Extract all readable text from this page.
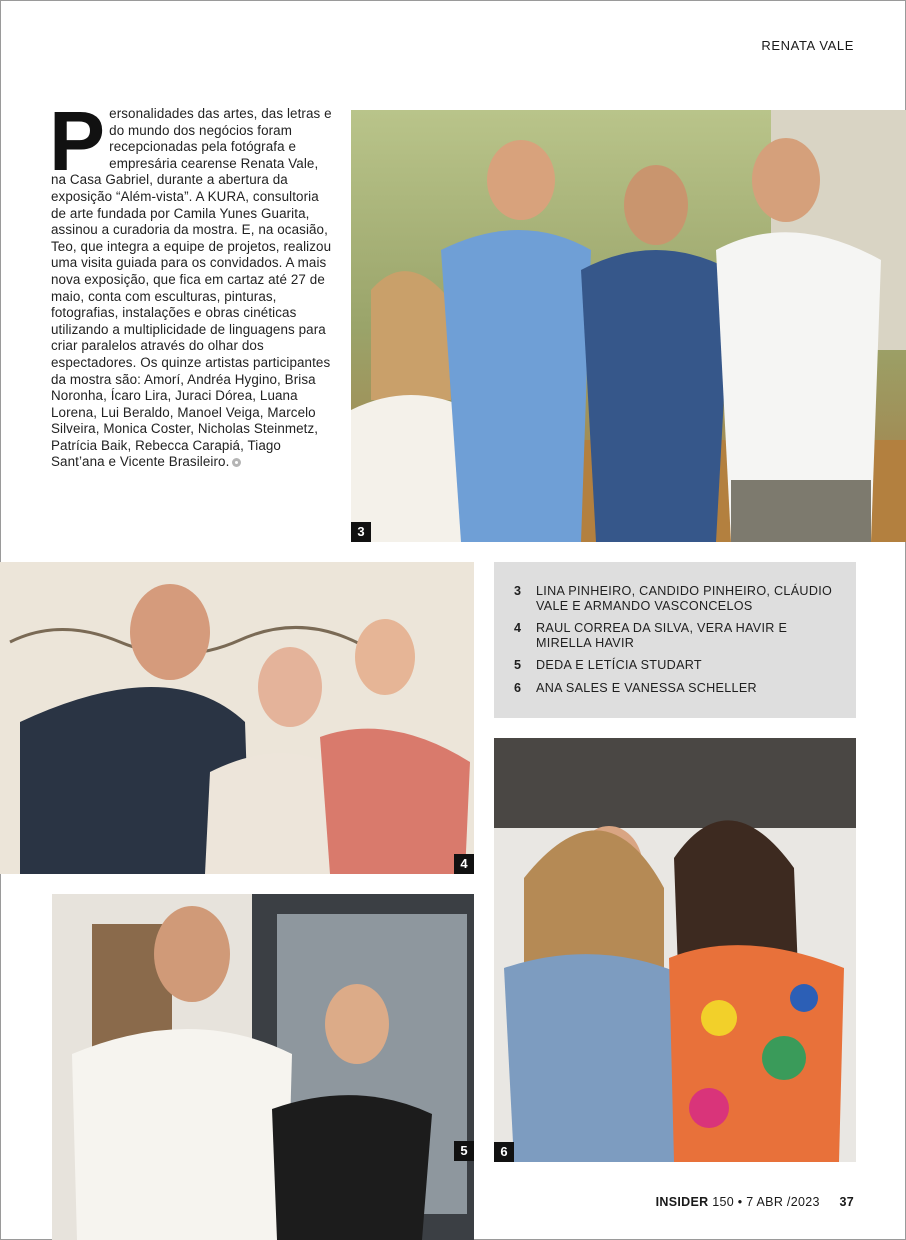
RENATA VALE
Personalidades das artes, das letras e do mundo dos negócios foram recepcionadas pela fotógrafa e empresária cearense Renata Vale, na Casa Gabriel, durante a abertura da exposição “Além-vista”. A KURA, consultoria de arte fundada por Camila Yunes Guarita, assinou a curadoria da mostra. E, na ocasião, Teo, que integra a equipe de projetos, realizou uma visita guiada para os convidados. A mais nova exposição, que fica em cartaz até 27 de maio, conta com esculturas, pinturas, fotografias, instalações e obras cinéticas utilizando a multiplicidade de linguagens para criar paralelos através do olhar dos espectadores. Os quinze artistas participantes da mostra são: Amorí, Andréa Hygino, Brisa Noronha, Ícaro Lira, Juraci Dórea, Luana Lorena, Lui Beraldo, Manoel Veiga, Marcelo Silveira, Monica Coster, Nicholas Steinmetz, Patrícia Baik, Rebecca Carapiá, Tiago Sant’ana e Vicente Brasileiro.
3
4
5
3	LINA PINHEIRO, CANDIDO PINHEIRO, CLÁUDIO VALE E ARMANDO VASCONCELOS
4	RAUL CORREA DA SILVA, VERA HAVIR E MIRELLA HAVIR
5	DEDA E LETÍCIA STUDART
6	ANA SALES E VANESSA SCHELLER
6
INSIDER 150 • 7 ABR /2023 37
